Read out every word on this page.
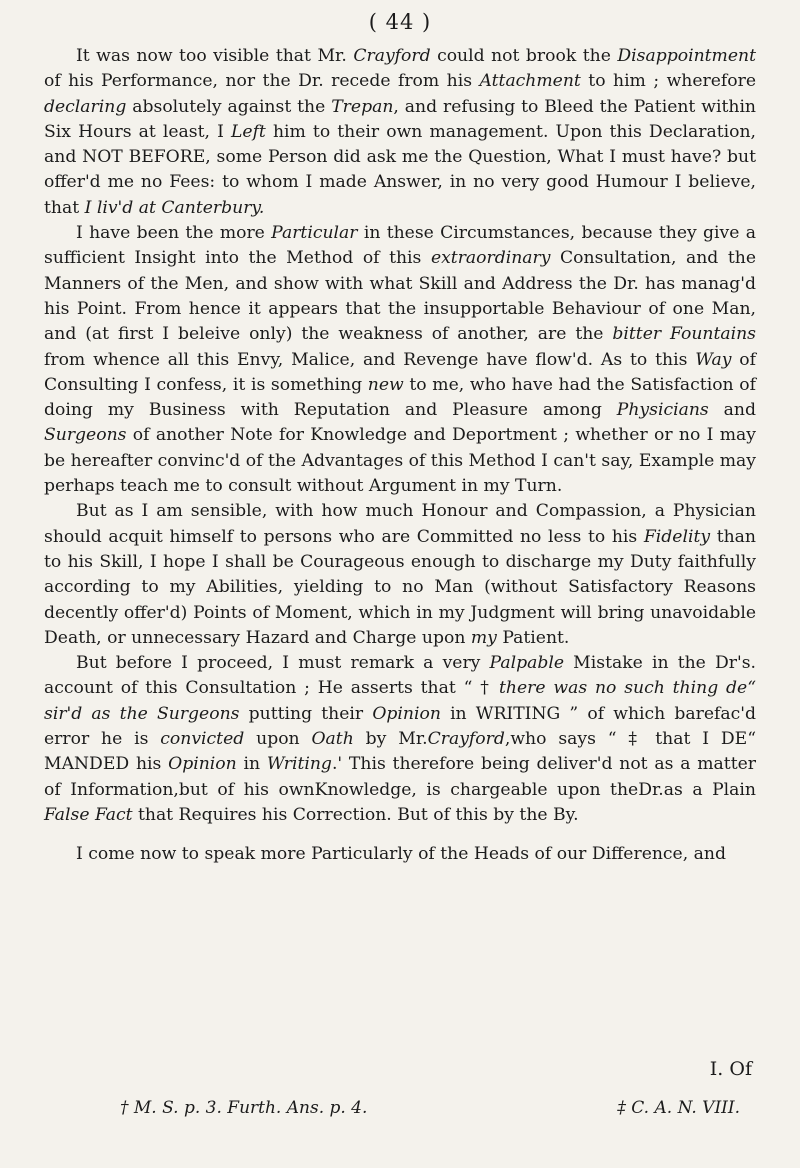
( 44 )

It was now too visible that Mr. Crayford could not brook the Disappointment of his Performance, nor the Dr. recede from his Attachment to him ; wherefore declaring absolutely against the Trepan, and refusing to Bleed the Patient within Six Hours at least, I Left him to their own management. Upon this Declaration, and NOT BEFORE, some Person did ask me the Question, What I must have? but offer'd me no Fees: to whom I made Answer, in no very good Humour I believe, that I liv'd at Canterbury.

I have been the more Particular in these Circumstances, because they give a sufficient Insight into the Method of this extraordinary Consultation, and the Manners of the Men, and show with what Skill and Address the Dr. has manag'd his Point. From hence it appears that the insupportable Behaviour of one Man, and (at first I beleive only) the weakness of another, are the bitter Fountains from whence all this Envy, Malice, and Revenge have flow'd. As to this Way of Consulting I confess, it is something new to me, who have had the Satisfaction of doing my Business with Reputation and Pleasure among Physicians and Surgeons of another Note for Knowledge and Deportment ; whether or no I may be hereafter convinc'd of the Advantages of this Method I can't say, Example may perhaps teach me to consult without Argument in my Turn.

But as I am sensible, with how much Honour and Compassion, a Physician should acquit himself to persons who are Committed no less to his Fidelity than to his Skill, I hope I shall be Courageous enough to discharge my Duty faithfully according to my Abilities, yielding to no Man (without Satisfactory Reasons decently offer'd) Points of Moment, which in my Judgment will bring unavoidable Death, or unnecessary Hazard and Charge upon my Patient.

But before I proceed, I must remark a very Palpable Mistake in the Dr's. account of this Consultation ; He asserts that “ † there was no such thing de“ sir'd as the Surgeons putting their Opinion in WRITING ” of which barefac'd error he is convicted upon Oath by Mr.Crayford,who says “ ‡ that I DE“ MANDED his Opinion in Writing.' This therefore being deliver'd not as a matter of Information,but of his ownKnowledge, is chargeable upon theDr.as a Plain False Fact that Requires his Correction. But of this by the By.

I come now to speak more Particularly of the Heads of our Difference, and

I. Of
† M. S. p. 3. Furth. Ans. p. 4.	‡ C. A. N. VIII.
